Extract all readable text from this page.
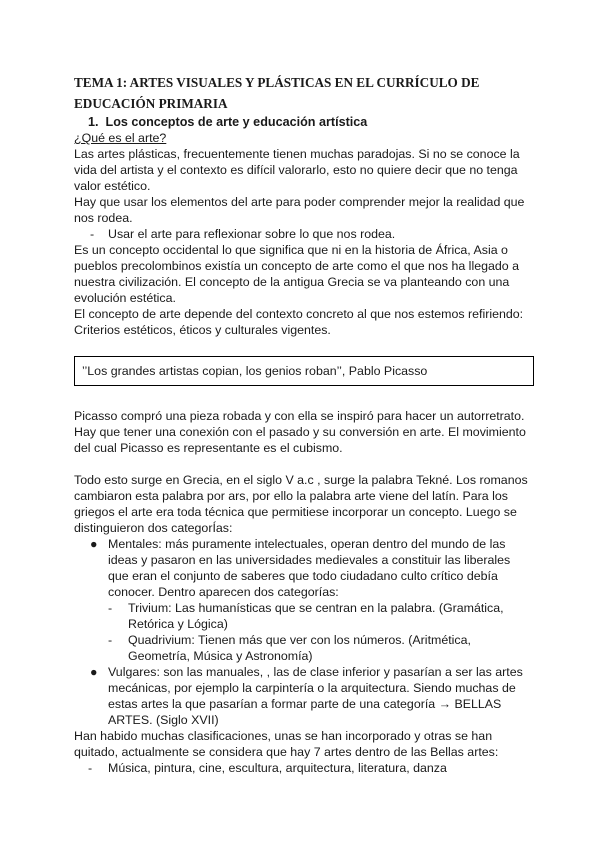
TEMA 1: ARTES VISUALES Y PLÁSTICAS EN EL CURRÍCULO DE EDUCACIÓN PRIMARIA
1. Los conceptos de arte y educación artística

¿Qué es el arte?

Las artes plásticas, frecuentemente tienen muchas paradojas. Si no se conoce la vida del artista y el contexto es difícil valorarlo, esto no quiere decir que no tenga valor estético.

Hay que usar los elementos del arte para poder comprender mejor la realidad que nos rodea.

- Usar el arte para reflexionar sobre lo que nos rodea.

Es un concepto occidental lo que significa que ni en la historia de África, Asia o pueblos precolombinos existía un concepto de arte como el que nos ha llegado a nuestra civilización. El concepto de la antigua Grecia se va planteando con una evolución estética.

El concepto de arte depende del contexto concreto al que nos estemos refiriendo: Criterios estéticos, éticos y culturales vigentes.

’’Los grandes artistas copian, los genios roban’’, Pablo Picasso

Picasso compró una pieza robada y con ella se inspiró para hacer un autorretrato. Hay que tener una conexión con el pasado y su conversión en arte. El movimiento del cual Picasso es representante es el cubismo.

Todo esto surge en Grecia, en el siglo V a.c , surge la palabra Tekné. Los romanos cambiaron esta palabra por ars, por ello la palabra arte viene del latín. Para los griegos el arte era toda técnica que permitiese incorporar un concepto. Luego se distinguieron dos categorÍas:

● Mentales: más puramente intelectuales, operan dentro del mundo de las ideas y pasaron en las universidades medievales a constituir las liberales que eran el conjunto de saberes que todo ciudadano culto crítico debía conocer. Dentro aparecen dos categorías:

- Trivium: Las humanísticas que se centran en la palabra. (Gramática, Retórica y Lógica)

- Quadrivium: Tienen más que ver con los números. (Aritmética, Geometría, Música y Astronomía)

● Vulgares: son las manuales, , las de clase inferior y pasarían a ser las artes mecánicas, por ejemplo la carpintería o la arquitectura. Siendo muchas de estas artes la que pasarían a formar parte de una categoría → BELLAS ARTES. (Siglo XVII)

Han habido muchas clasificaciones, unas se han incorporado y otras se han quitado, actualmente se considera que hay 7 artes dentro de las Bellas artes:

- Música, pintura, cine, escultura, arquitectura, literatura, danza
